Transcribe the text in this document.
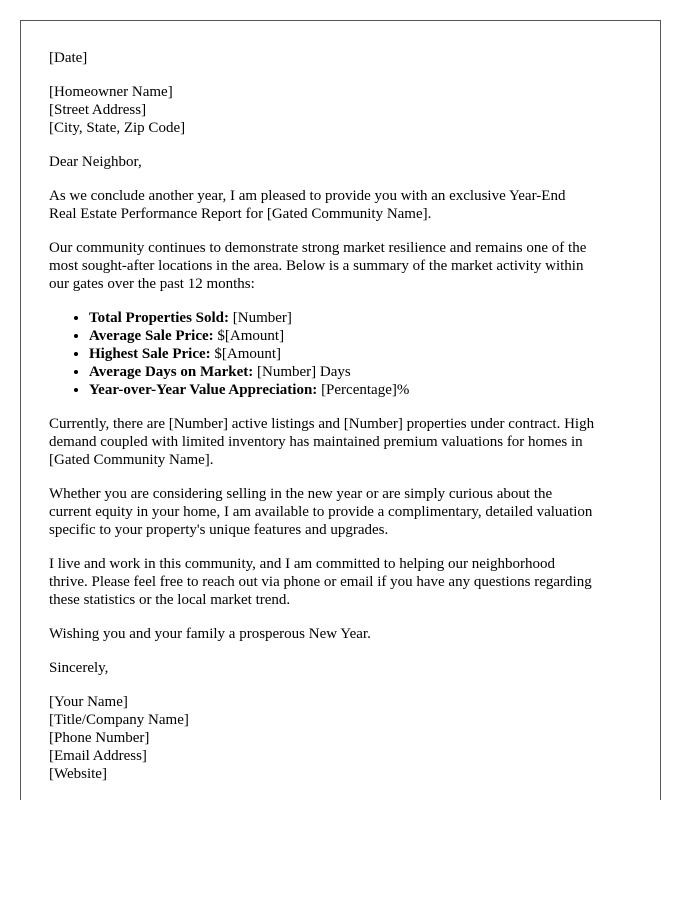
[Date]

[Homeowner Name]
[Street Address]
[City, State, Zip Code]

Dear Neighbor,

As we conclude another year, I am pleased to provide you with an exclusive Year-End
Real Estate Performance Report for [Gated Community Name].

Our community continues to demonstrate strong market resilience and remains one of the
most sought-after locations in the area. Below is a summary of the market activity within
our gates over the past 12 months:

• Total Properties Sold: [Number]
• Average Sale Price: $[Amount]
• Highest Sale Price: $[Amount]
• Average Days on Market: [Number] Days
• Year-over-Year Value Appreciation: [Percentage]%

Currently, there are [Number] active listings and [Number] properties under contract. High
demand coupled with limited inventory has maintained premium valuations for homes in
[Gated Community Name].

Whether you are considering selling in the new year or are simply curious about the
current equity in your home, I am available to provide a complimentary, detailed valuation
specific to your property's unique features and upgrades.

I live and work in this community, and I am committed to helping our neighborhood
thrive. Please feel free to reach out via phone or email if you have any questions regarding
these statistics or the local market trend.

Wishing you and your family a prosperous New Year.

Sincerely,

[Your Name]
[Title/Company Name]
[Phone Number]
[Email Address]
[Website]
